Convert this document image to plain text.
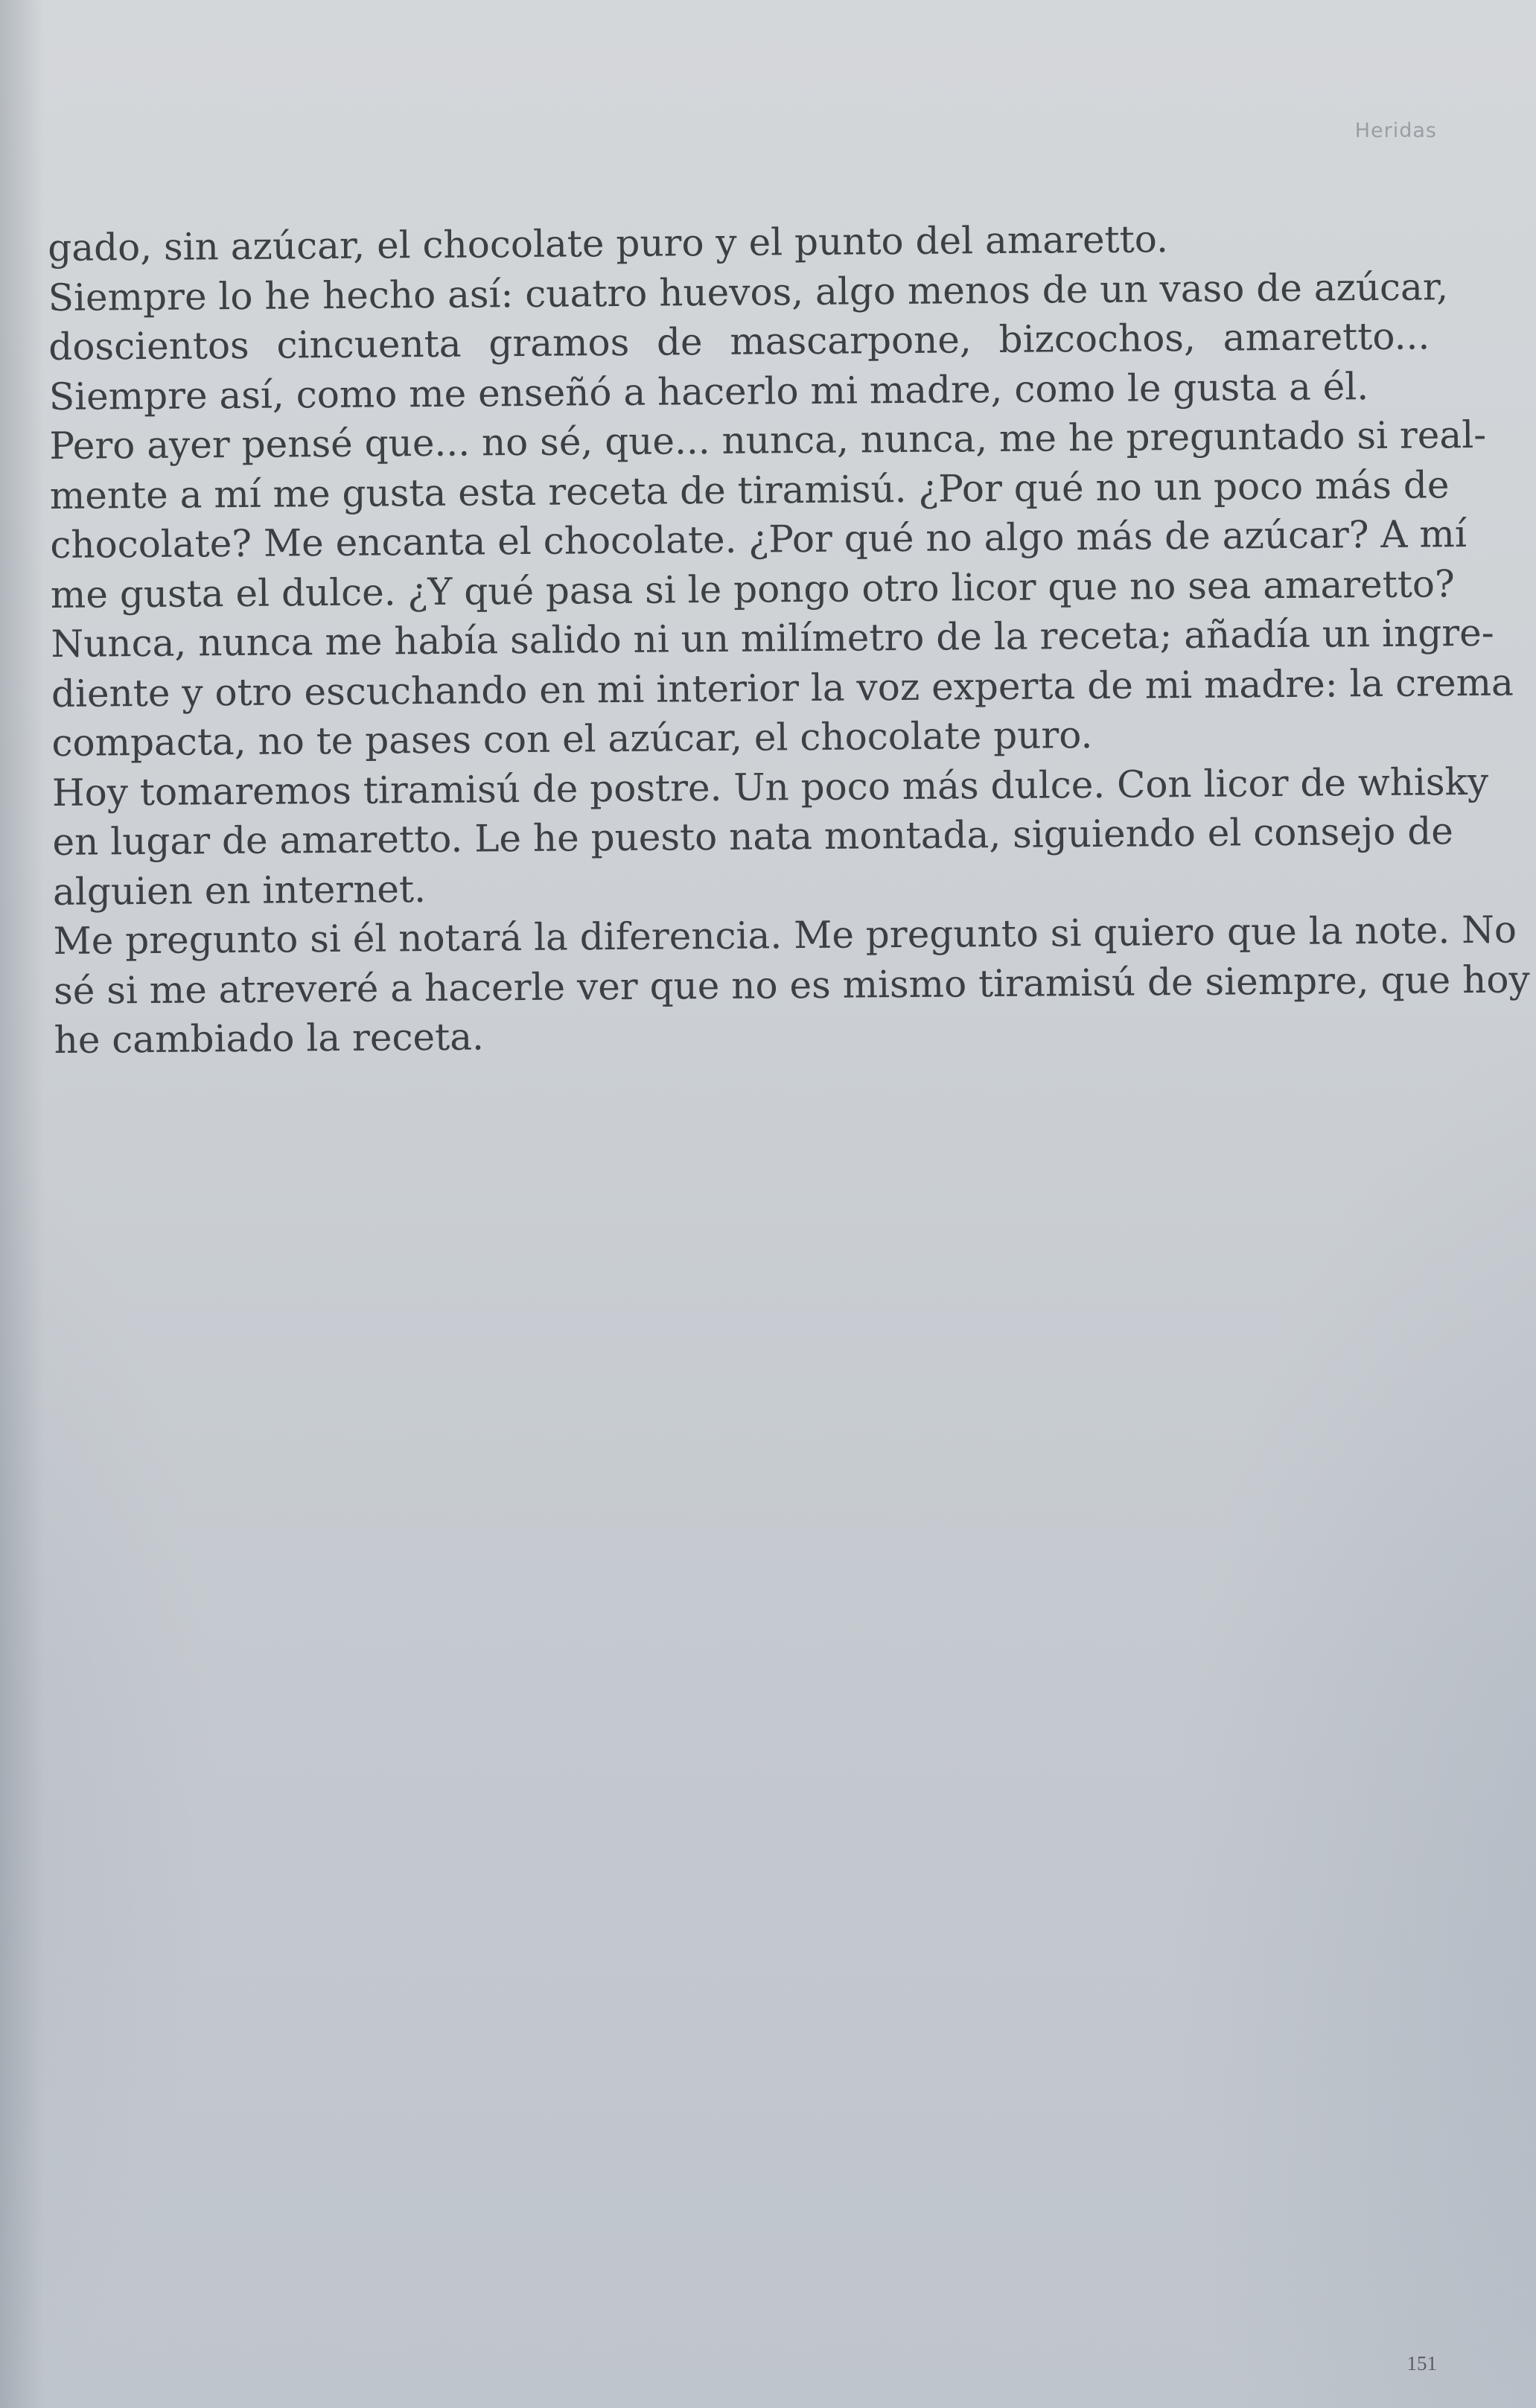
Heridas
gado, sin azúcar, el chocolate puro y el punto del amaretto.
Siempre lo he hecho así: cuatro huevos, algo menos de un vaso de azúcar,
doscientos cincuenta gramos de mascarpone, bizcochos, amaretto...
Siempre así, como me enseñó a hacerlo mi madre, como le gusta a él.
Pero ayer pensé que... no sé, que... nunca, nunca, me he preguntado si real-
mente a mí me gusta esta receta de tiramisú. ¿Por qué no un poco más de
chocolate? Me encanta el chocolate. ¿Por qué no algo más de azúcar? A mí
me gusta el dulce. ¿Y qué pasa si le pongo otro licor que no sea amaretto?
Nunca, nunca me había salido ni un milímetro de la receta; añadía un ingre-
diente y otro escuchando en mi interior la voz experta de mi madre: la crema
compacta, no te pases con el azúcar, el chocolate puro.
Hoy tomaremos tiramisú de postre. Un poco más dulce. Con licor de whisky
en lugar de amaretto. Le he puesto nata montada, siguiendo el consejo de
alguien en internet.
Me pregunto si él notará la diferencia. Me pregunto si quiero que la note. No
sé si me atreveré a hacerle ver que no es mismo tiramisú de siempre, que hoy
he cambiado la receta.
151
